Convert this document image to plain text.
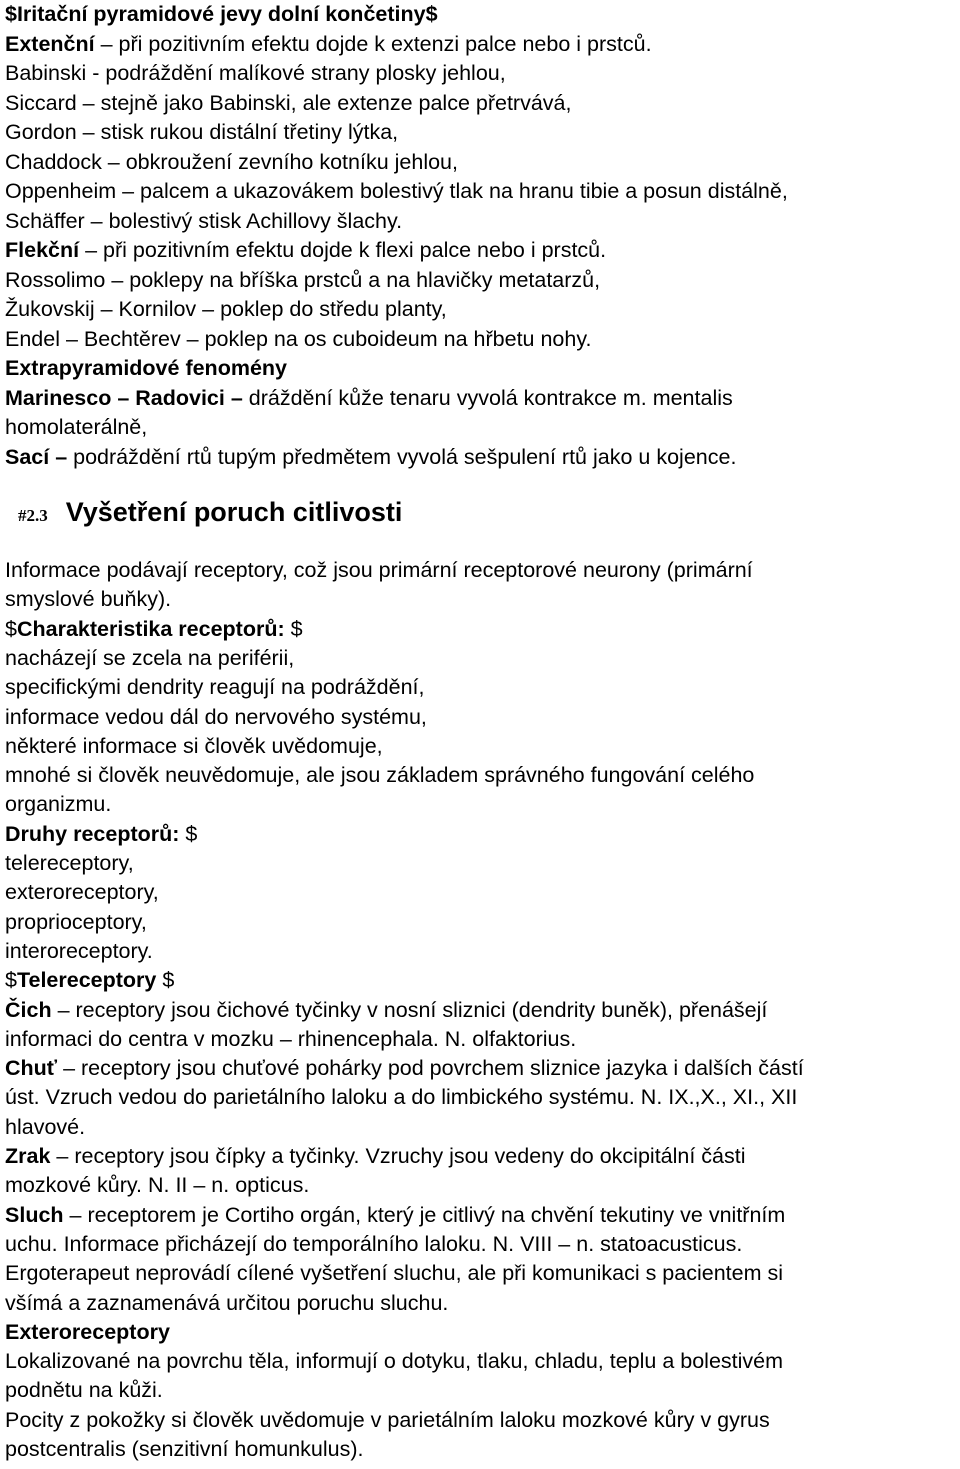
$Iritační pyramidové jevy dolní končetiny$
Extenční – při pozitivním efektu dojde k extenzi palce nebo i prstců.
Babinski - podráždění malíkové strany plosky jehlou,
Siccard – stejně jako Babinski, ale extenze palce přetrvává,
Gordon – stisk rukou distální třetiny lýtka,
Chaddock – obkroužení zevního kotníku jehlou,
Oppenheim – palcem a ukazovákem bolestivý tlak na hranu tibie a posun distálně,
Schäffer – bolestivý stisk Achillovy šlachy.
Flekční – při pozitivním efektu dojde k flexi palce nebo i prstců.
Rossolimo – poklepy na bříška prstců a na hlavičky metatarzů,
Žukovskij – Kornilov – poklep do středu planty,
Endel – Bechtěrev – poklep na os cuboideum na hřbetu nohy.
Extrapyramidové fenomény
Marinesco – Radovici – dráždění kůže tenaru vyvolá kontrakce m. mentalis
homolaterálně,
Sací – podráždění rtů tupým předmětem vyvolá sešpulení rtů jako u kojence.
#2.3 Vyšetření poruch citlivosti
Informace podávají receptory, což jsou primární receptorové neurony (primární
smyslové buňky).
$Charakteristika receptorů: $
nacházejí se zcela na periférii,
specifickými dendrity reagují na podráždění,
informace vedou dál do nervového systému,
některé informace si člověk uvědomuje,
mnohé si člověk neuvědomuje, ale jsou základem správného fungování celého
organizmu.
Druhy receptorů: $
telereceptory,
exteroreceptory,
proprioceptory,
interoreceptory.
$Telereceptory $
Čich – receptory jsou čichové tyčinky v nosní sliznici (dendrity buněk), přenášejí
informaci do centra v mozku – rhinencephala. N. olfaktorius.
Chuť – receptory jsou chuťové pohárky pod povrchem sliznice jazyka i dalších částí
úst. Vzruch vedou do parietálního laloku a do limbického systému. N. IX.,X., XI., XII
hlavové.
Zrak – receptory jsou čípky a tyčinky. Vzruchy jsou vedeny do okcipitální části
mozkové kůry. N. II – n. opticus.
Sluch – receptorem je Cortiho orgán, který je citlivý na chvění tekutiny ve vnitřním
uchu. Informace přicházejí do temporálního laloku. N. VIII – n. statoacusticus.
Ergoterapeut neprovádí cílené vyšetření sluchu, ale při komunikaci s pacientem si
všímá a zaznamenává určitou poruchu sluchu.
Exteroreceptory
Lokalizované na povrchu těla, informují o dotyku, tlaku, chladu, teplu a bolestivém
podnětu na kůži.
Pocity z pokožky si člověk uvědomuje v parietálním laloku mozkové kůry v gyrus
postcentralis (senzitivní homunkulus).
